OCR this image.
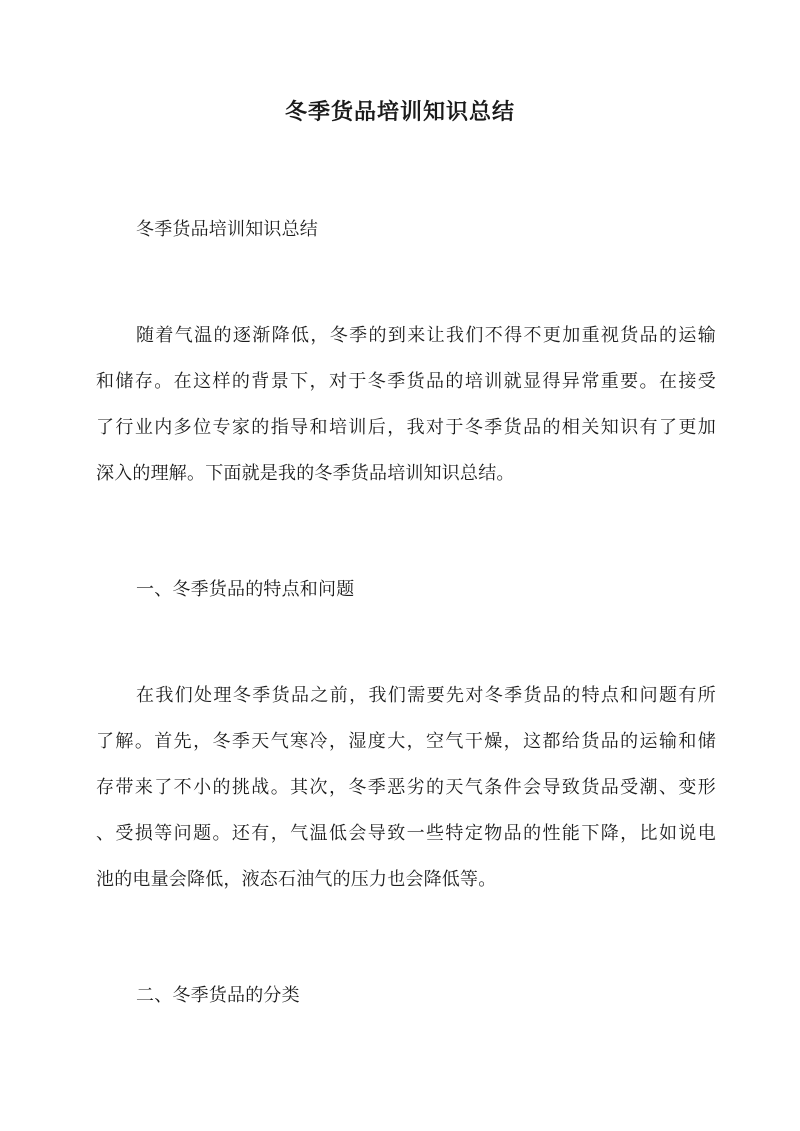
冬季货品培训知识总结

冬季货品培训知识总结

随着气温的逐渐降低，冬季的到来让我们不得不更加重视货品的运输

和储存。在这样的背景下，对于冬季货品的培训就显得异常重要。在接受

了行业内多位专家的指导和培训后，我对于冬季货品的相关知识有了更加

深入的理解。下面就是我的冬季货品培训知识总结。

一、冬季货品的特点和问题

在我们处理冬季货品之前，我们需要先对冬季货品的特点和问题有所

了解。首先，冬季天气寒冷，湿度大，空气干燥，这都给货品的运输和储

存带来了不小的挑战。其次，冬季恶劣的天气条件会导致货品受潮、变形

、受损等问题。还有，气温低会导致一些特定物品的性能下降，比如说电

池的电量会降低，液态石油气的压力也会降低等。

二、冬季货品的分类
